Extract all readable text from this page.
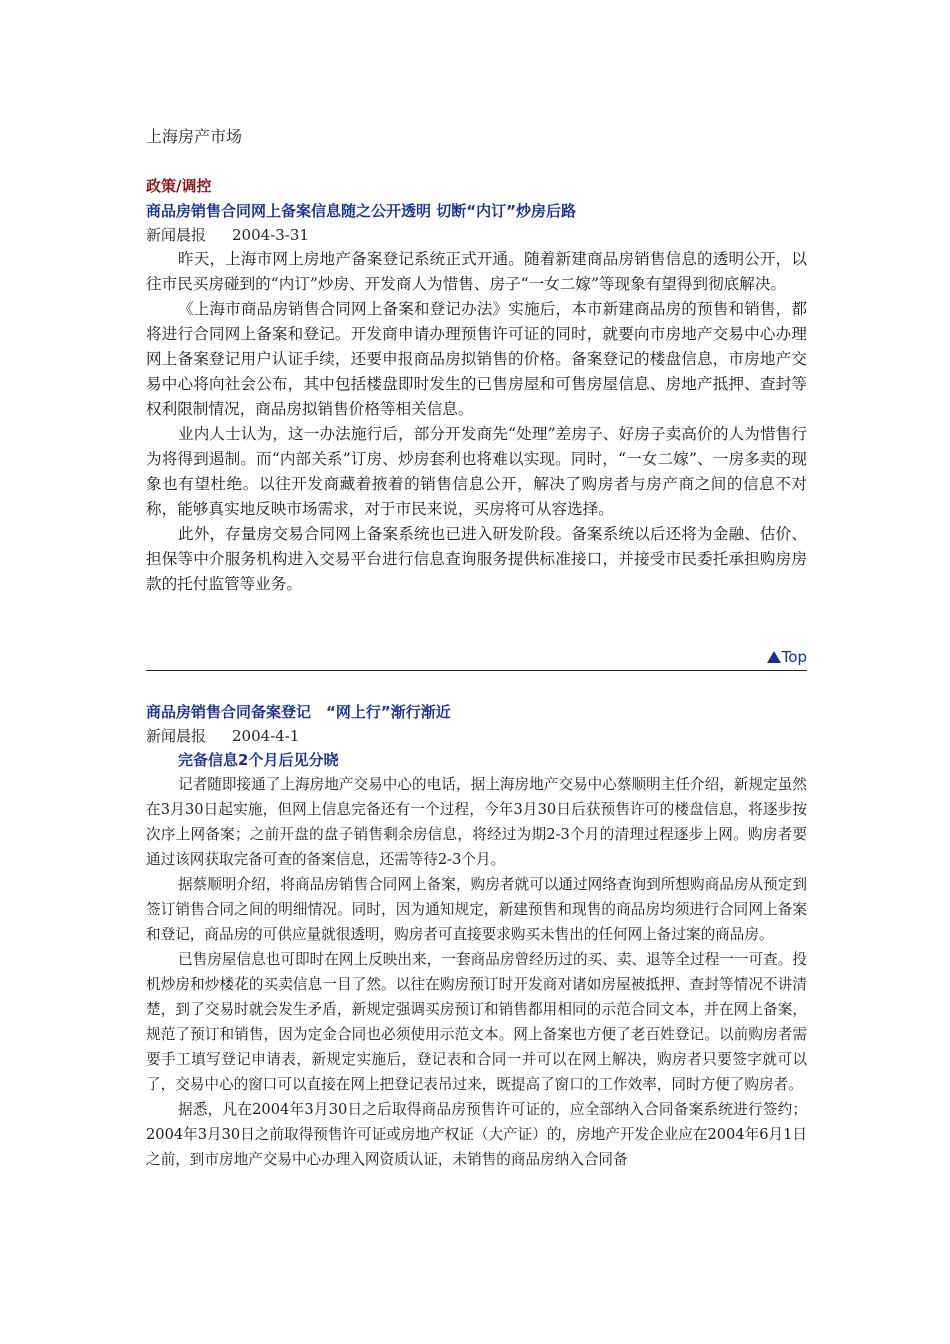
上海房产市场
政策/调控
商品房销售合同网上备案信息随之公开透明 切断“内订”炒房后路
新闻晨报 2004-3-31

昨天，上海市网上房地产备案登记系统正式开通。随着新建商品房销售信息的透明公开，以往市民买房碰到的“内订”炒房、开发商人为惜售、房子“一女二嫁”等现象有望得到彻底解决。

《上海市商品房销售合同网上备案和登记办法》实施后，本市新建商品房的预售和销售，都将进行合同网上备案和登记。开发商申请办理预售许可证的同时，就要向市房地产交易中心办理网上备案登记用户认证手续，还要申报商品房拟销售的价格。备案登记的楼盘信息，市房地产交易中心将向社会公布，其中包括楼盘即时发生的已售房屋和可售房屋信息、房地产抵押、查封等权利限制情况，商品房拟销售价格等相关信息。

业内人士认为，这一办法施行后，部分开发商先“处理”差房子、好房子卖高价的人为惜售行为将得到遏制。而“内部关系”订房、炒房套利也将难以实现。同时，“一女二嫁”、一房多卖的现象也有望杜绝。以往开发商藏着掖着的销售信息公开，解决了购房者与房产商之间的信息不对称，能够真实地反映市场需求，对于市民来说，买房将可从容选择。

此外，存量房交易合同网上备案系统也已进入研发阶段。备案系统以后还将为金融、估价、担保等中介服务机构进入交易平台进行信息查询服务提供标准接口，并接受市民委托承担购房房款的托付监管等业务。

Top
商品房销售合同备案登记　“网上行”渐行渐近
新闻晨报 2004-4-1
完备信息2个月后见分晓

记者随即接通了上海房地产交易中心的电话，据上海房地产交易中心蔡顺明主任介绍，新规定虽然在3月30日起实施，但网上信息完备还有一个过程，今年3月30日后获预售许可的楼盘信息，将逐步按次序上网备案；之前开盘的盘子销售剩余房信息，将经过为期2-3个月的清理过程逐步上网。购房者要通过该网获取完备可查的备案信息，还需等待2-3个月。

据蔡顺明介绍，将商品房销售合同网上备案，购房者就可以通过网络查询到所想购商品房从预定到签订销售合同之间的明细情况。同时，因为通知规定，新建预售和现售的商品房均须进行合同网上备案和登记，商品房的可供应量就很透明，购房者可直接要求购买未售出的任何网上备过案的商品房。

已售房屋信息也可即时在网上反映出来，一套商品房曾经历过的买、卖、退等全过程一一可查。投机炒房和炒楼花的买卖信息一目了然。以往在购房预订时开发商对诸如房屋被抵押、查封等情况不讲清楚，到了交易时就会发生矛盾，新规定强调买房预订和销售都用相同的示范合同文本，并在网上备案，规范了预订和销售，因为定金合同也必须使用示范文本。网上备案也方便了老百姓登记。以前购房者需要手工填写登记申请表，新规定实施后，登记表和合同一并可以在网上解决，购房者只要签字就可以了，交易中心的窗口可以直接在网上把登记表吊过来，既提高了窗口的工作效率，同时方便了购房者。

据悉，凡在2004年3月30日之后取得商品房预售许可证的，应全部纳入合同备案系统进行签约；2004年3月30日之前取得预售许可证或房地产权证（大产证）的，房地产开发企业应在2004年6月1日之前，到市房地产交易中心办理入网资质认证，未销售的商品房纳入合同备
